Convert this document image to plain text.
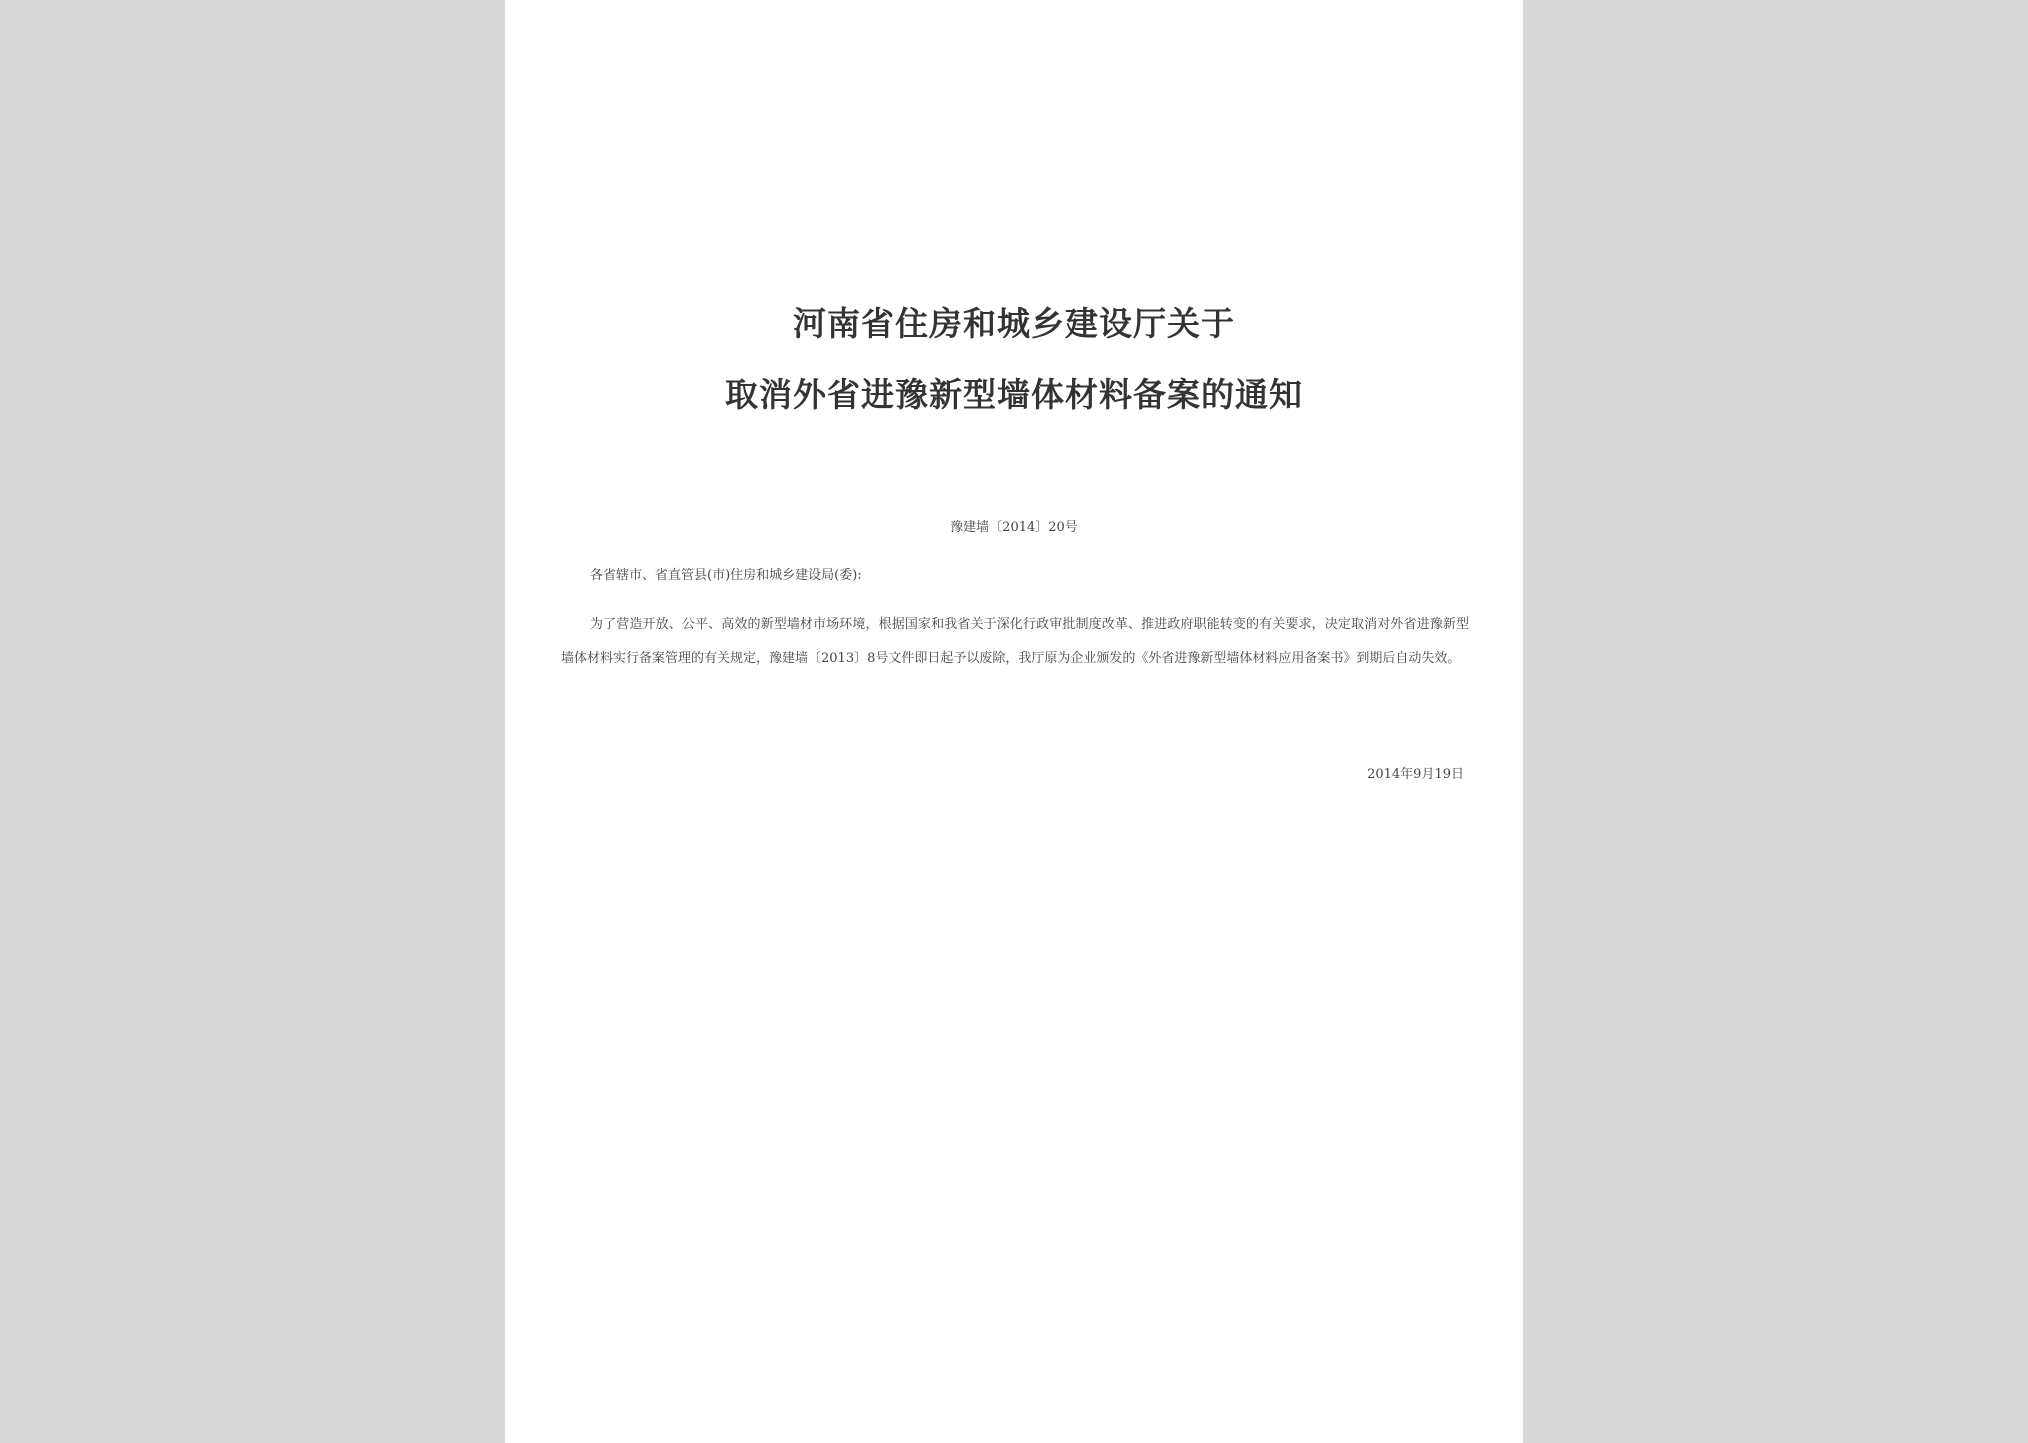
河南省住房和城乡建设厅关于
取消外省进豫新型墙体材料备案的通知
豫建墙〔2014〕20号
各省辖市、省直管县(市)住房和城乡建设局(委):
为了营造开放、公平、高效的新型墙材市场环境，根据国家和我省关于深化行政审批制度改革、推进政府职能转变的有关要求，决定取消对外省进豫新型墙体材料实行备案管理的有关规定，豫建墙〔2013〕8号文件即日起予以废除，我厅原为企业颁发的《外省进豫新型墙体材料应用备案书》到期后自动失效。
2014年9月19日
